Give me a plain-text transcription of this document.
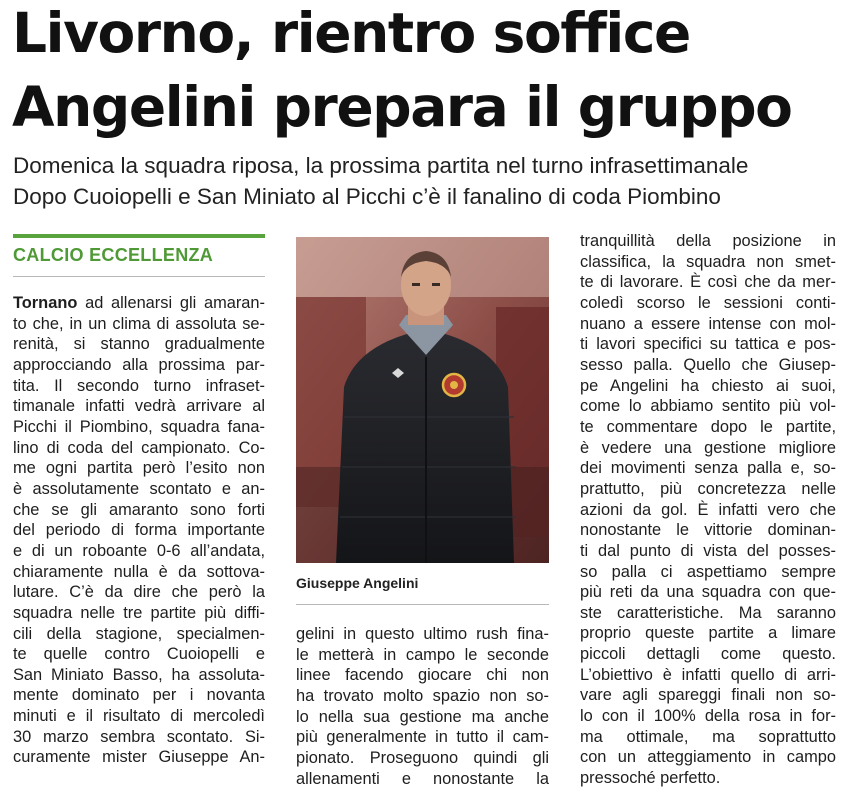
Livorno, rientro soffice
Angelini prepara il gruppo
Domenica la squadra riposa, la prossima partita nel turno infrasettimanale
Dopo Cuoiopelli e San Miniato al Picchi c’è il fanalino di coda Piombino
CALCIO ECCELLENZA

Tornano ad allenarsi gli amaran-
to che, in un clima di assoluta se-
renità, si stanno gradualmente
approcciando alla prossima par-
tita. Il secondo turno infraset-
timanale infatti vedrà arrivare al
Picchi il Piombino, squadra fana-
lino di coda del campionato. Co-
me ogni partita però l’esito non
è assolutamente scontato e an-
che se gli amaranto sono forti
del periodo di forma importante
e di un roboante 0-6 all’andata,
chiaramente nulla è da sottova-
lutare. C’è da dire che però la
squadra nelle tre partite più diffi-
cili della stagione, specialmen-
te quelle contro Cuoiopelli e
San Miniato Basso, ha assoluta-
mente dominato per i novanta
minuti e il risultato di mercoledì
30 marzo sembra scontato. Si-
curamente mister Giuseppe An-

Giuseppe Angelini

gelini in questo ultimo rush fina-
le metterà in campo le seconde
linee facendo giocare chi non
ha trovato molto spazio non so-
lo nella sua gestione ma anche
più generalmente in tutto il cam-
pionato. Proseguono quindi gli
allenamenti e nonostante la

tranquillità della posizione in
classifica, la squadra non smet-
te di lavorare. È così che da mer-
coledì scorso le sessioni conti-
nuano a essere intense con mol-
ti lavori specifici su tattica e pos-
sesso palla. Quello che Giusep-
pe Angelini ha chiesto ai suoi,
come lo abbiamo sentito più vol-
te commentare dopo le partite,
è vedere una gestione migliore
dei movimenti senza palla e, so-
prattutto, più concretezza nelle
azioni da gol. È infatti vero che
nonostante le vittorie dominan-
ti dal punto di vista del posses-
so palla ci aspettiamo sempre
più reti da una squadra con que-
ste caratteristiche. Ma saranno
proprio queste partite a limare
piccoli dettagli come questo.
L’obiettivo è infatti quello di arri-
vare agli spareggi finali non so-
lo con il 100% della rosa in for-
ma ottimale, ma soprattutto
con un atteggiamento in campo
pressoché perfetto.
